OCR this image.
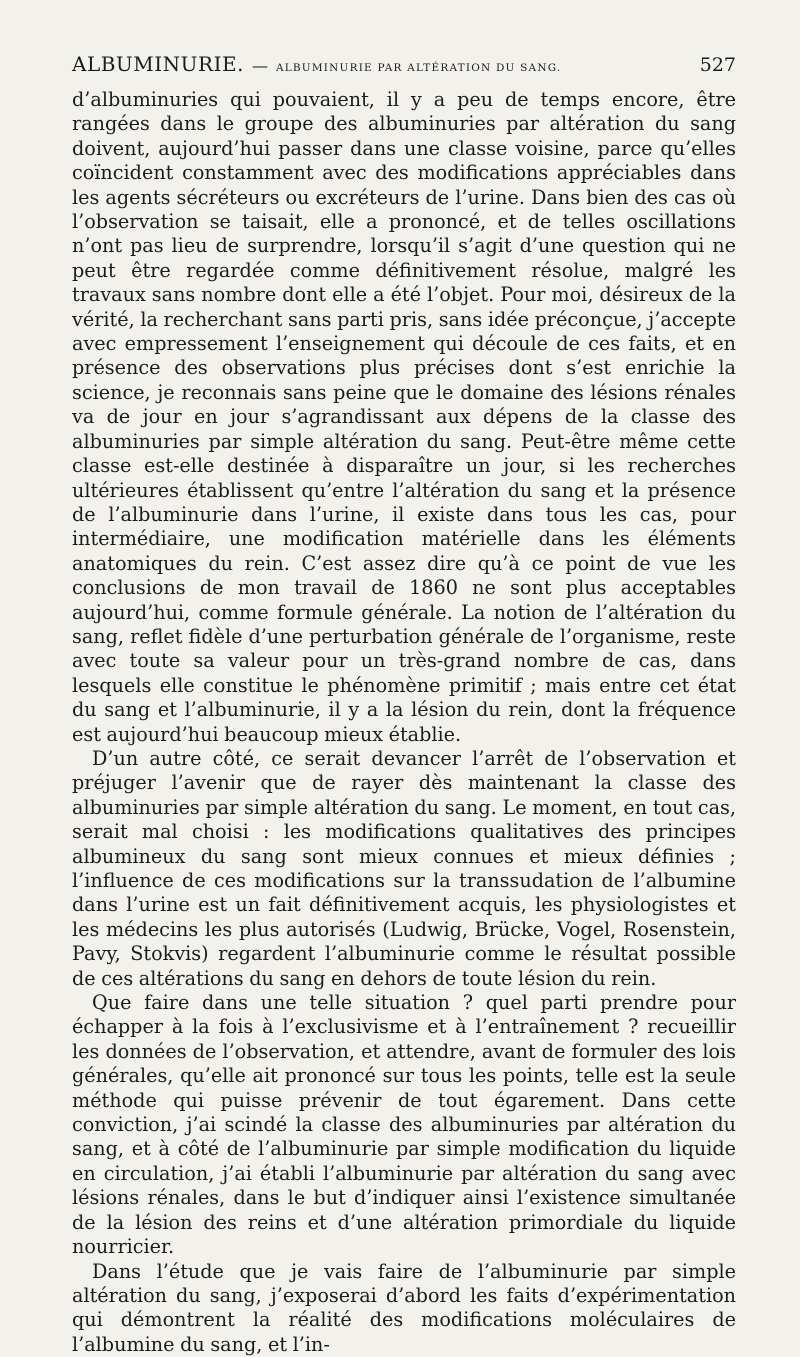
ALBUMINURIE. — ALBUMINURIE PAR ALTÉRATION DU SANG.	527

d’albuminuries qui pouvaient, il y a peu de temps encore, être rangées dans le groupe des albuminuries par altération du sang doivent, aujourd’hui passer dans une classe voisine, parce qu’elles coïncident constamment avec des modifications appréciables dans les agents sécréteurs ou excréteurs de l’urine. Dans bien des cas où l’observation se taisait, elle a prononcé, et de telles oscillations n’ont pas lieu de surprendre, lorsqu’il s’agit d’une question qui ne peut être regardée comme définitivement résolue, malgré les travaux sans nombre dont elle a été l’objet. Pour moi, désireux de la vérité, la recherchant sans parti pris, sans idée préconçue, j’accepte avec empressement l’enseignement qui découle de ces faits, et en présence des observations plus précises dont s’est enrichie la science, je reconnais sans peine que le domaine des lésions rénales va de jour en jour s’agrandissant aux dépens de la classe des albuminuries par simple altération du sang. Peut-être même cette classe est-elle destinée à disparaître un jour, si les recherches ultérieures établissent qu’entre l’altération du sang et la présence de l’albuminurie dans l’urine, il existe dans tous les cas, pour intermédiaire, une modification matérielle dans les éléments anatomiques du rein. C’est assez dire qu’à ce point de vue les conclusions de mon travail de 1860 ne sont plus acceptables aujourd’hui, comme formule générale. La notion de l’altération du sang, reflet fidèle d’une perturbation générale de l’organisme, reste avec toute sa valeur pour un très-grand nombre de cas, dans lesquels elle constitue le phénomène primitif ; mais entre cet état du sang et l’albuminurie, il y a la lésion du rein, dont la fréquence est aujourd’hui beaucoup mieux établie.

D’un autre côté, ce serait devancer l’arrêt de l’observation et préjuger l’avenir que de rayer dès maintenant la classe des albuminuries par simple altération du sang. Le moment, en tout cas, serait mal choisi : les modifications qualitatives des principes albumineux du sang sont mieux connues et mieux définies ; l’influence de ces modifications sur la transsudation de l’albumine dans l’urine est un fait définitivement acquis, les physiologistes et les médecins les plus autorisés (Ludwig, Brücke, Vogel, Rosenstein, Pavy, Stokvis) regardent l’albuminurie comme le résultat possible de ces altérations du sang en dehors de toute lésion du rein.

Que faire dans une telle situation ? quel parti prendre pour échapper à la fois à l’exclusivisme et à l’entraînement ? recueillir les données de l’observation, et attendre, avant de formuler des lois générales, qu’elle ait prononcé sur tous les points, telle est la seule méthode qui puisse prévenir de tout égarement. Dans cette conviction, j’ai scindé la classe des albuminuries par altération du sang, et à côté de l’albuminurie par simple modification du liquide en circulation, j’ai établi l’albuminurie par altération du sang avec lésions rénales, dans le but d’indiquer ainsi l’existence simultanée de la lésion des reins et d’une altération primordiale du liquide nourricier.

Dans l’étude que je vais faire de l’albuminurie par simple altération du sang, j’exposerai d’abord les faits d’expérimentation qui démontrent la réalité des modifications moléculaires de l’albumine du sang, et l’in-
